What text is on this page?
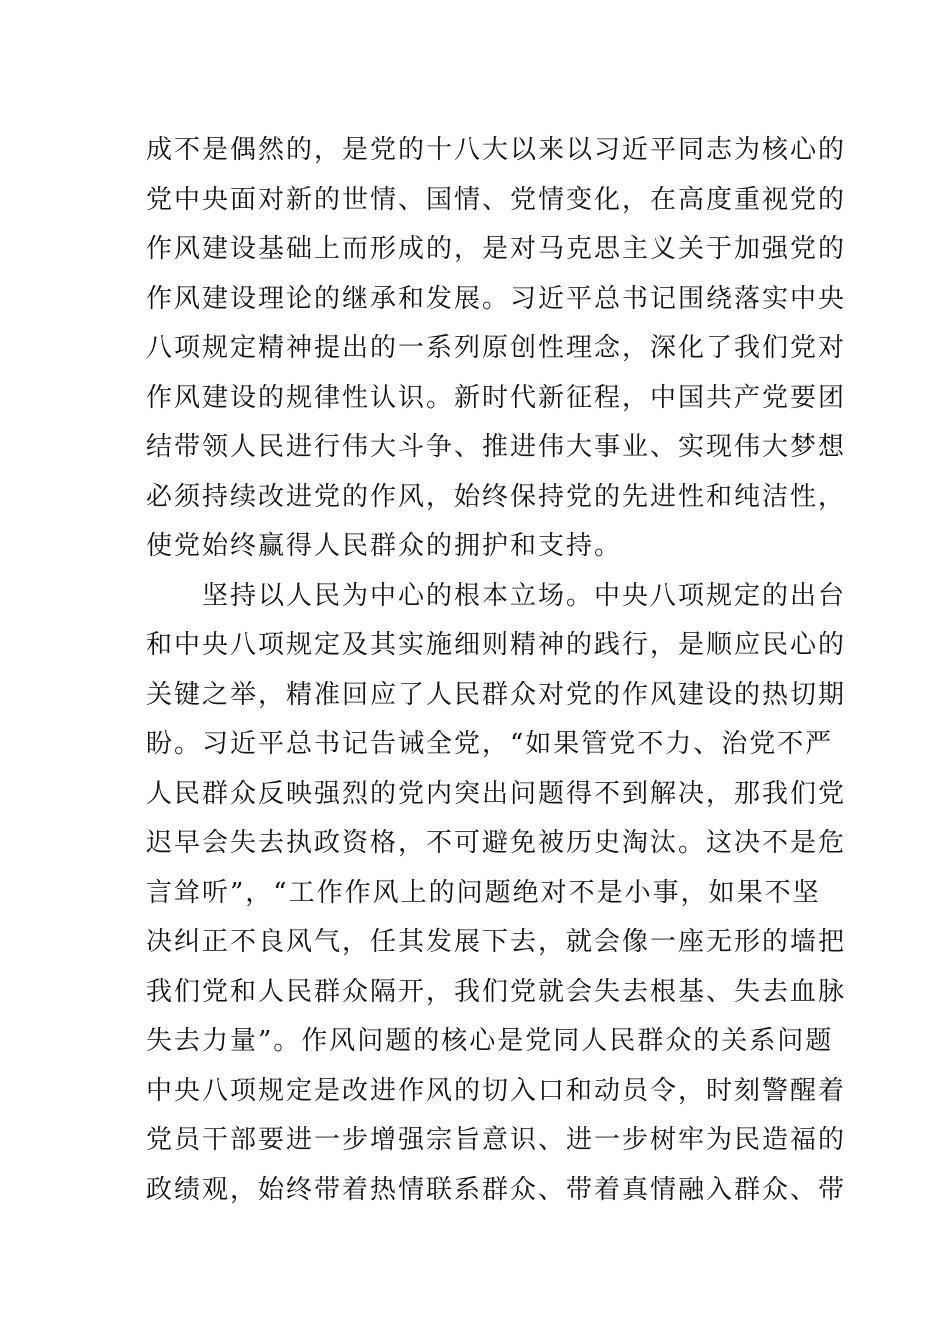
成不是偶然的，是党的十八大以来以习近平同志为核心的
党中央面对新的世情、国情、党情变化，在高度重视党的
作风建设基础上而形成的，是对马克思主义关于加强党的
作风建设理论的继承和发展。习近平总书记围绕落实中央
八项规定精神提出的一系列原创性理念，深化了我们党对
作风建设的规律性认识。新时代新征程，中国共产党要团
结带领人民进行伟大斗争、推进伟大事业、实现伟大梦想
必须持续改进党的作风，始终保持党的先进性和纯洁性，
使党始终赢得人民群众的拥护和支持。
坚持以人民为中心的根本立场。中央八项规定的出台
和中央八项规定及其实施细则精神的践行，是顺应民心的
关键之举，精准回应了人民群众对党的作风建设的热切期
盼。习近平总书记告诫全党，“如果管党不力、治党不严
人民群众反映强烈的党内突出问题得不到解决，那我们党
迟早会失去执政资格，不可避免被历史淘汰。这决不是危
言耸听”，“工作作风上的问题绝对不是小事，如果不坚
决纠正不良风气，任其发展下去，就会像一座无形的墙把
我们党和人民群众隔开，我们党就会失去根基、失去血脉
失去力量”。作风问题的核心是党同人民群众的关系问题
中央八项规定是改进作风的切入口和动员令，时刻警醒着
党员干部要进一步增强宗旨意识、进一步树牢为民造福的
政绩观，始终带着热情联系群众、带着真情融入群众、带
